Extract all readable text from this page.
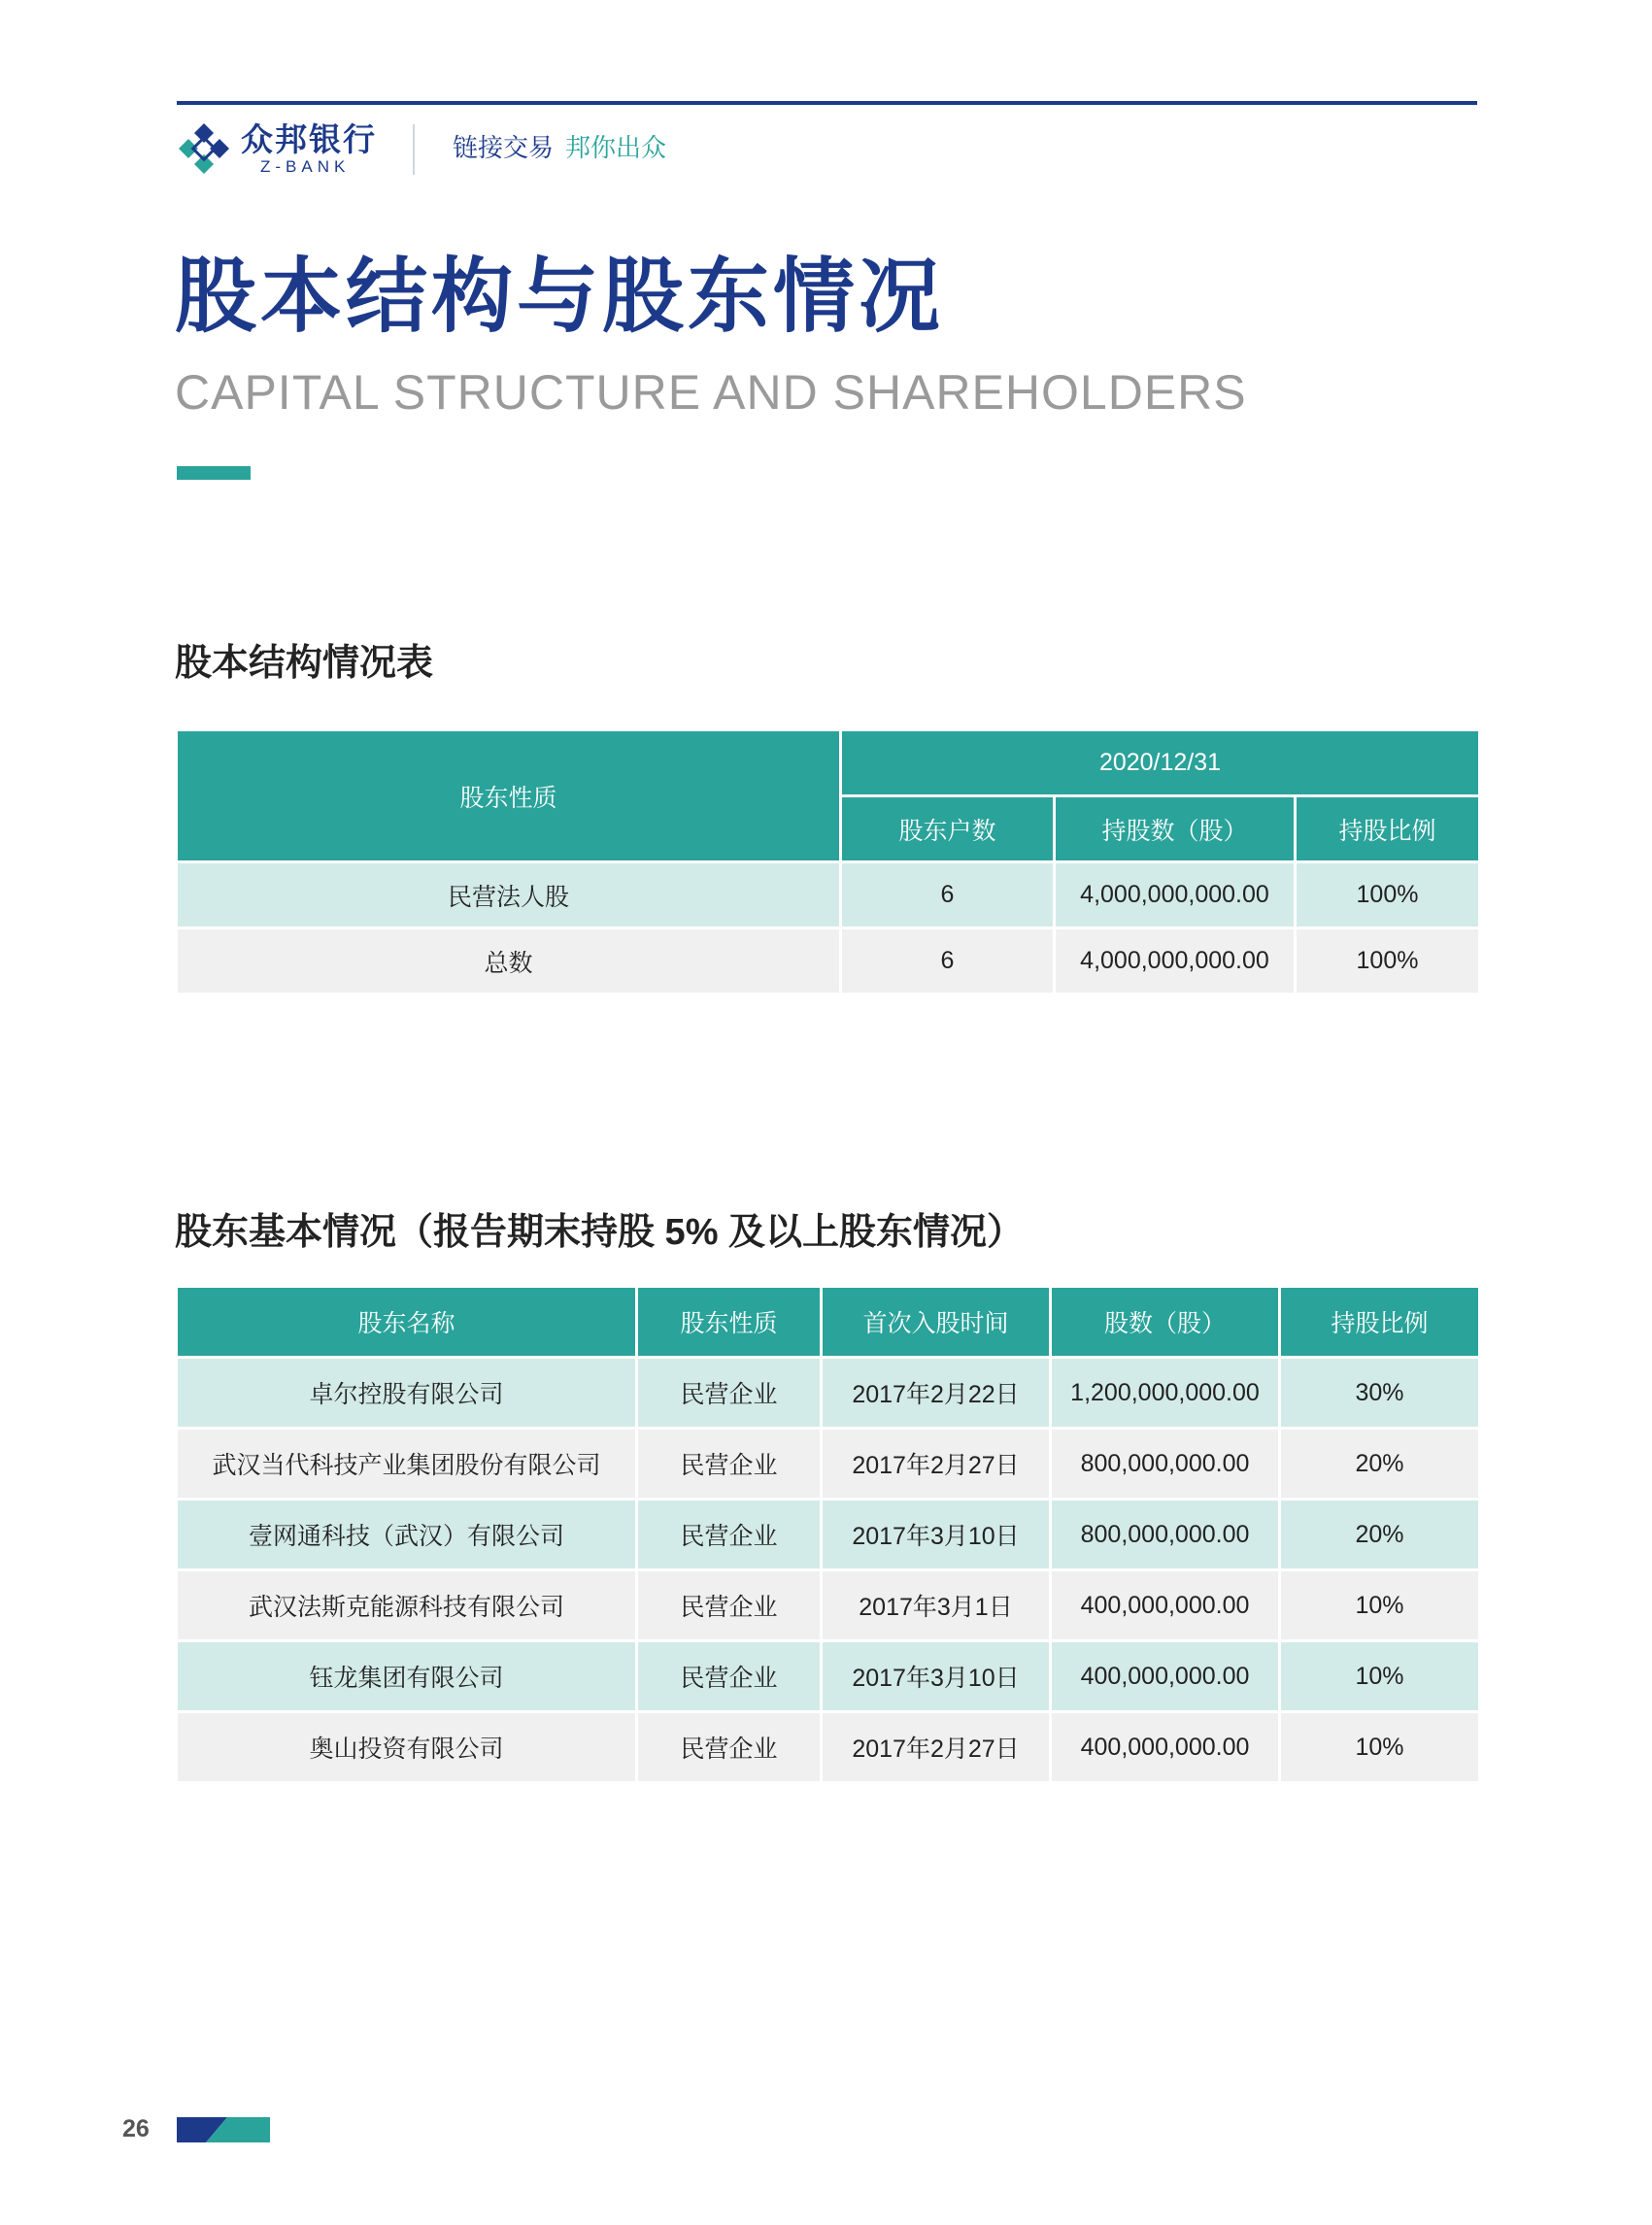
众邦银行
Z-BANK
链接交易 邦你出众
股本结构与股东情况
CAPITAL STRUCTURE AND SHAREHOLDERS
股本结构情况表
股东性质	2020/12/31		
	股东户数	持股数（股）	持股比例
民营法人股	6	4,000,000,000.00	100%
总数	6	4,000,000,000.00	100%
股东基本情况（报告期末持股 5% 及以上股东情况）
股东名称	股东性质	首次入股时间	股数（股）	持股比例
卓尔控股有限公司	民营企业	2017年2月22日	1,200,000,000.00	30%
武汉当代科技产业集团股份有限公司	民营企业	2017年2月27日	800,000,000.00	20%
壹网通科技（武汉）有限公司	民营企业	2017年3月10日	800,000,000.00	20%
武汉法斯克能源科技有限公司	民营企业	2017年3月1日	400,000,000.00	10%
钰龙集团有限公司	民营企业	2017年3月10日	400,000,000.00	10%
奥山投资有限公司	民营企业	2017年2月27日	400,000,000.00	10%
26
